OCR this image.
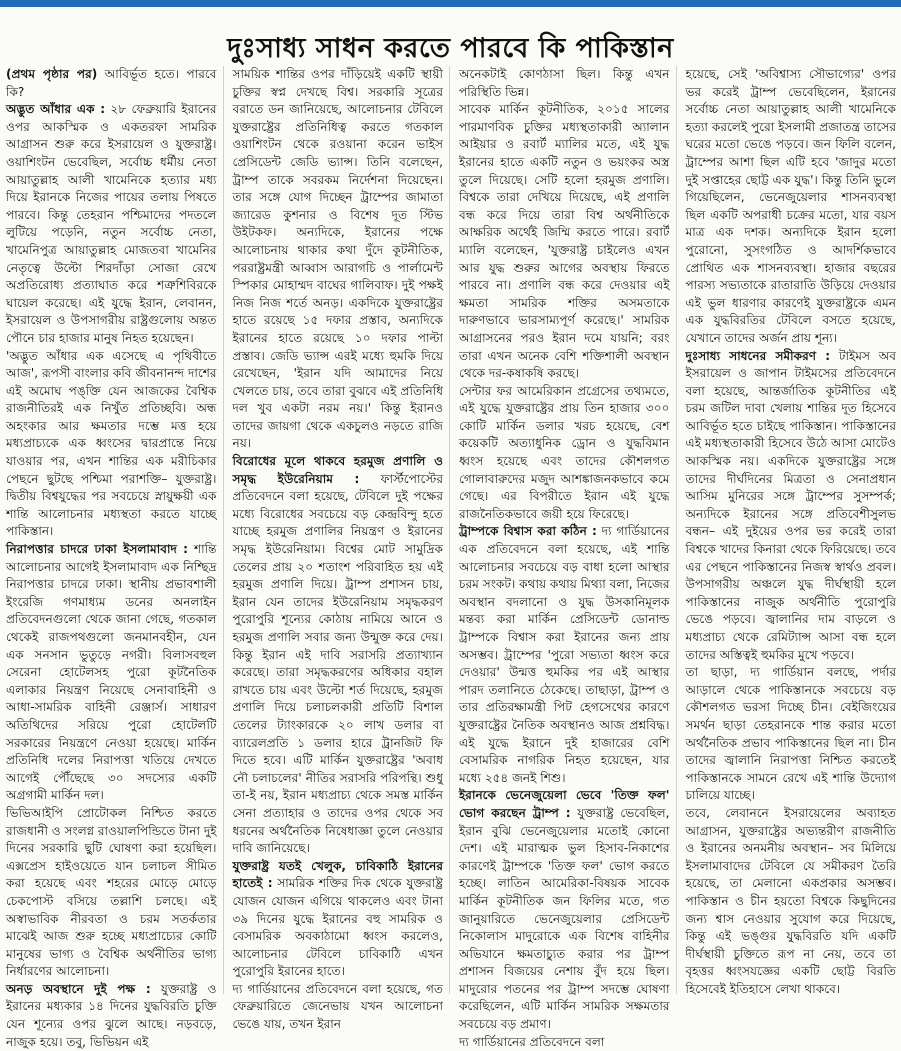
দুঃসাধ্য সাধন করতে পারবে কি পাকিস্তান

(প্রথম পৃষ্ঠার পর) আবির্ভূত হতে। পারবে কি?

অদ্ভুত আঁধার এক : ২৮ ফেব্রুয়ারি ইরানের ওপর আকস্মিক ও একতরফা সামরিক আগ্রাসন শুরু করে ইসরায়েল ও যুক্তরাষ্ট্র। ওয়াশিংটন ভেবেছিল, সর্বোচ্চ ধর্মীয় নেতা আয়াতুল্লাহ আলী খামেনিকে হত্যার মধ্য দিয়ে ইরানকে নিজের পায়ের তলায় পিষতে পারবে। কিন্তু তেহরান পশ্চিমাদের পদতলে লুটিয়ে পড়েনি, নতুন সর্বোচ্চ নেতা, খামেনিপুত্র আয়াতুল্লাহ মোজতবা খামেনির নেতৃত্বে উল্টো শিরদাঁড়া সোজা রেখে অপ্রতিরোধ্য প্রত্যাঘাত করে শত্রুশিবিরকে ঘায়েল করেছে। এই যুদ্ধে ইরান, লেবানন, ইসরায়েল ও উপসাগরীয় রাষ্ট্রগুলোয় অন্তত পৌনে চার হাজার মানুষ নিহত হয়েছেন।

'অদ্ভুত আঁধার এক এসেছে এ পৃথিবীতে আজ', রূপসী বাংলার কবি জীবনানন্দ দাশের এই অমোঘ পঙ্‌ক্তি যেন আজকের বৈশ্বিক রাজনীতিরই এক নিখুঁত প্রতিচ্ছবি। অন্ধ অহংকার আর ক্ষমতার দম্ভে মত্ত হয়ে মধ্যপ্রাচ্যকে এক ধ্বংসের দ্বারপ্রান্তে নিয়ে যাওয়ার পর, এখন শান্তির এক মরীচিকার পেছনে ছুটছে পশ্চিমা পরাশক্তি– যুক্তরাষ্ট্র। দ্বিতীয় বিশ্বযুদ্ধের পর সবচেয়ে স্নায়ুক্ষয়ী এক শান্তি আলোচনার মধ্যস্থতা করতে যাচ্ছে পাকিস্তান।

নিরাপত্তার চাদরে ঢাকা ইসলামাবাদ : শান্তি আলোচনার আগেই ইসলামাবাদ এক নিশ্ছিদ্র নিরাপত্তার চাদরে ঢাকা। স্থানীয় প্রভাবশালী ইংরেজি গণমাধ্যম ডনের অনলাইন প্রতিবেদনগুলো থেকে জানা গেছে, গতকাল থেকেই রাজপথগুলো জনমানবহীন, যেন এক সনসান ভুতুড়ে নগরী। বিলাসবহুল সেরেনা হোটেলসহ পুরো কূটনৈতিক এলাকার নিয়ন্ত্রণ নিয়েছে সেনাবাহিনী ও আধা-সামরিক বাহিনী রেঞ্জার্স। সাধারণ অতিথিদের সরিয়ে পুরো হোটেলটি সরকারের নিয়ন্ত্রণে নেওয়া হয়েছে। মার্কিন প্রতিনিধি দলের নিরাপত্তা খতিয়ে দেখতে আগেই পৌঁছেছে ৩০ সদস্যের একটি অগ্রগামী মার্কিন দল।

ভিভিআইপি প্রোটোকল নিশ্চিত করতে রাজধানী ও সংলগ্ন রাওয়ালপিন্ডিতে টানা দুই দিনের সরকারি ছুটি ঘোষণা করা হয়েছিল। এক্সপ্রেস হাইওয়েতে যান চলাচল সীমিত করা হয়েছে এবং শহরের মোড়ে মোড়ে চেকপোস্ট বসিয়ে তল্লাশি চলছে। এই অস্বাভাবিক নীরবতা ও চরম সতর্কতার মাঝেই আজ শুরু হচ্ছে মধ্যপ্রাচ্যের কোটি মানুষের ভাগ্য ও বৈশ্বিক অর্থনীতির ভাগ্য নির্ধারণের আলোচনা।

অনড় অবস্থানে দুই পক্ষ : যুক্তরাষ্ট্র ও ইরানের মধ্যকার ১৪ দিনের যুদ্ধবিরতি চুক্তি যেন শূন্যের ওপর ঝুলে আছে। নড়বড়ে, নাজুক হয়ে। তবু, ভিভিয়ন এই

সাময়িক শান্তির ওপর দাঁড়িয়েই একটি স্থায়ী চুক্তির স্বপ্ন দেখছে বিশ্ব। সরকারি সূত্রের বরাতে ডন জানিয়েছে, আলোচনার টেবিলে যুক্তরাষ্ট্রের প্রতিনিধিত্ব করতে গতকাল ওয়াশিংটন থেকে রওয়ানা করেন ভাইস প্রেসিডেন্ট জেডি ভ্যান্স। তিনি বলেছেন, ট্রাম্প তাকে সবরকম নির্দেশনা দিয়েছেন। তার সঙ্গে যোগ দিচ্ছেন ট্রাম্পের জামাতা জ্যারেড কুশনার ও বিশেষ দূত স্টিভ উইটকফ। অন্যদিকে, ইরানের পক্ষে আলোচনায় থাকার কথা দুঁদে কূটনীতিক, পররাষ্ট্রমন্ত্রী আব্বাস আরাগচি ও পার্লামেন্ট স্পিকার মোহাম্মদ বাঘের গালিবাফ। দুই পক্ষই নিজ নিজ শর্তে অনড়। একদিকে যুক্তরাষ্ট্রের হাতে রয়েছে ১৫ দফার প্রস্তাব, অন্যদিকে ইরানের হাতে রয়েছে ১০ দফার পাল্টা প্রস্তাব। জেডি ভ্যান্স এরই মধ্যে হুমকি দিয়ে রেখেছেন, 'ইরান যদি আমাদের নিয়ে খেলতে চায়, তবে তারা বুঝবে এই প্রতিনিধি দল খুব একটা নরম নয়।' কিন্তু ইরানও তাদের জায়গা থেকে একচুলও নড়তে রাজি নয়।

বিরোধের মূলে থাকবে হরমুজ প্রণালি ও সমৃদ্ধ ইউরেনিয়াম : ফার্স্টপোস্টের প্রতিবেদনে বলা হয়েছে, টেবিলে দুই পক্ষের মধ্যে বিরোধের সবচেয়ে বড় কেন্দ্রবিন্দু হতে যাচ্ছে হরমুজ প্রণালির নিয়ন্ত্রণ ও ইরানের সমৃদ্ধ ইউরেনিয়াম। বিশ্বের মোট সামুদ্রিক তেলের প্রায় ২০ শতাংশ পরিবাহিত হয় এই হরমুজ প্রণালি দিয়ে। ট্রাম্প প্রশাসন চায়, ইরান যেন তাদের ইউরেনিয়াম সমৃদ্ধকরণ পুরোপুরি শূন্যের কোঠায় নামিয়ে আনে ও হরমুজ প্রণালি সবার জন্য উন্মুক্ত করে দেয়। কিন্তু ইরান এই দাবি সরাসরি প্রত্যাখ্যান করেছে। তারা সমৃদ্ধকরণের অধিকার বহাল রাখতে চায় এবং উল্টো শর্ত দিয়েছে, হরমুজ প্রণালি দিয়ে চলাচলকারী প্রতিটি বিশাল তেলের ট্যাংকারকে ২০ লাখ ডলার বা ব্যারেলপ্রতি ১ ডলার হারে ট্রানজিট ফি দিতে হবে। এটি মার্কিন যুক্তরাষ্ট্রের 'অবাধ নৌ চলাচলের' নীতির সরাসরি পরিপন্থি। শুধু তা-ই নয়, ইরান মধ্যপ্রাচ্য থেকে সমস্ত মার্কিন সেনা প্রত্যাহার ও তাদের ওপর থেকে সব ধরনের অর্থনৈতিক নিষেধাজ্ঞা তুলে নেওয়ার দাবি জানিয়েছে।

যুক্তরাষ্ট্র যতই খেলুক, চাবিকাঠি ইরানের হাতেই : সামরিক শক্তির দিক থেকে যুক্তরাষ্ট্র যোজন যোজন এগিয়ে থাকলেও এবং টানা ৩৯ দিনের যুদ্ধে ইরানের বহু সামরিক ও বেসামরিক অবকাঠামো ধ্বংস করলেও, আলোচনার টেবিলে চাবিকাঠি এখন পুরোপুরি ইরানের হাতে।

দ্য গার্ডিয়ানের প্রতিবেদনে বলা হয়েছে, গত ফেব্রুয়ারিতে জেনেভায় যখন আলোচনা ভেঙে যায়, তখন ইরান

অনেকটাই কোণঠাসা ছিল। কিন্তু এখন পরিস্থিতি ভিন্ন।

সাবেক মার্কিন কূটনীতিক, ২০১৫ সালের পারমাণবিক চুক্তির মধ্যস্থতাকারী অ্যালান আইয়ার ও রবার্ট ম্যালির মতে, এই যুদ্ধ ইরানের হাতে একটি নতুন ও ভয়ংকর অস্ত্র তুলে দিয়েছে। সেটি হলো হরমুজ প্রণালি। বিশ্বকে তারা দেখিয়ে দিয়েছে, এই প্রণালি বন্ধ করে দিয়ে তারা বিশ্ব অর্থনীতিকে আক্ষরিক অর্থেই জিম্মি করতে পারে। রবার্ট ম্যালি বলেছেন, 'যুক্তরাষ্ট্র চাইলেও এখন আর যুদ্ধ শুরুর আগের অবস্থায় ফিরতে পারবে না। প্রণালি বন্ধ করে দেওয়ার এই ক্ষমতা সামরিক শক্তির অসমতাকে দারুণভাবে ভারসাম্যপূর্ণ করেছে।' সামরিক আগ্রাসনের পরও ইরান দমে যায়নি; বরং তারা এখন অনেক বেশি শক্তিশালী অবস্থান থেকে দর-কষাকষি করছে।

সেন্টার ফর আমেরিকান প্রগ্রেসের তথ্যমতে, এই যুদ্ধে যুক্তরাষ্ট্রের প্রায় তিন হাজার ৩০০ কোটি মার্কিন ডলার খরচ হয়েছে, বেশ কয়েকটি অত্যাধুনিক ড্রোন ও যুদ্ধবিমান ধ্বংস হয়েছে এবং তাদের কৌশলগত গোলাবারুদের মজুদ আশঙ্কাজনকভাবে কমে গেছে। এর বিপরীতে ইরান এই যুদ্ধে রাজনৈতিকভাবে জয়ী হয়ে ফিরেছে।

ট্রাম্পকে বিশ্বাস করা কঠিন : দ্য গার্ডিয়ানের এক প্রতিবেদনে বলা হয়েছে, এই শান্তি আলোচনার সবচেয়ে বড় বাধা হলো আস্থার চরম সংকট। কথায় কথায় মিথ্যা বলা, নিজের অবস্থান বদলানো ও যুদ্ধ উসকানিমূলক মন্তব্য করা মার্কিন প্রেসিডেন্ট ডোনাল্ড ট্রাম্পকে বিশ্বাস করা ইরানের জন্য প্রায় অসম্ভব। ট্রাম্পের 'পুরো সভ্যতা ধ্বংস করে দেওয়ার' উন্মত্ত হুমকির পর এই আস্থার পারদ তলানিতে ঠেকেছে। তাছাড়া, ট্রাম্প ও তার প্রতিরক্ষামন্ত্রী পিট হেগসেথের কারণে যুক্তরাষ্ট্রের নৈতিক অবস্থানও আজ প্রশ্নবিদ্ধ। এই যুদ্ধে ইরানে দুই হাজারের বেশি বেসামরিক নাগরিক নিহত হয়েছেন, যার মধ্যে ২৫৪ জনই শিশু।

ইরানকে ভেনেজুয়েলা ভেবে 'তিক্ত ফল' ভোগ করছেন ট্রাম্প : যুক্তরাষ্ট্র ভেবেছিল, ইরান বুঝি ভেনেজুয়েলার মতোই কোনো দেশ। এই মারাত্মক ভুল হিসাব-নিকাশের কারণেই ট্রাম্পকে 'তিক্ত ফল' ভোগ করতে হচ্ছে। লাতিন আমেরিকা-বিষয়ক সাবেক মার্কিন কূটনীতিক জন ফিলির মতে, গত জানুয়ারিতে ভেনেজুয়েলার প্রেসিডেন্ট নিকোলাস মাদুরোকে এক বিশেষ বাহিনীর অভিযানে ক্ষমতাচ্যুত করার পর ট্রাম্প প্রশাসন বিজয়ের নেশায় বুঁদ হয়ে ছিল। মাদুরোর পতনের পর ট্রাম্প সদম্ভে ঘোষণা করেছিলেন, এটি মার্কিন সামরিক সক্ষমতার সবচেয়ে বড় প্রমাণ।

দ্য গার্ডিয়ানের প্রতিবেদনে বলা

হয়েছে, সেই 'অবিশ্বাস্য সৌভাগ্যের' ওপর ভর করেই ট্রাম্প ভেবেছিলেন, ইরানের সর্বোচ্চ নেতা আয়াতুল্লাহ আলী খামেনিকে হত্যা করলেই পুরো ইসলামী প্রজাতন্ত্র তাসের ঘরের মতো ভেঙে পড়বে। জন ফিলি বলেন, ট্রাম্পের আশা ছিল এটি হবে 'জাদুর মতো দুই সপ্তাহের ছোট্ট এক যুদ্ধ'। কিন্তু তিনি ভুলে গিয়েছিলেন, ভেনেজুয়েলার শাসনব্যবস্থা ছিল একটি অপরাধী চক্রের মতো, যার বয়স মাত্র এক দশক। অন্যদিকে ইরান হলো পুরোনো, সুসংগঠিত ও আদর্শিকভাবে প্রোথিত এক শাসনব্যবস্থা। হাজার বছরের পারস্য সভ্যতাকে রাতারাতি উড়িয়ে দেওয়ার এই ভুল ধারণার কারণেই যুক্তরাষ্ট্রকে এমন এক যুদ্ধবিরতির টেবিলে বসতে হয়েছে, যেখানে তাদের অর্জন প্রায় শূন্য।

দুঃসাধ্য সাধনের সমীকরণ : টাইমস অব ইসরায়েল ও জাপান টাইমসের প্রতিবেদনে বলা হয়েছে, আন্তর্জাতিক কূটনীতির এই চরম জটিল দাবা খেলায় শান্তির দূত হিসেবে আবির্ভূত হতে চাইছে পাকিস্তান। পাকিস্তানের এই মধ্যস্থতাকারী হিসেবে উঠে আসা মোটেও আকস্মিক নয়। একদিকে যুক্তরাষ্ট্রের সঙ্গে তাদের দীর্ঘদিনের মিত্রতা ও সেনাপ্রধান আসিম মুনিরের সঙ্গে ট্রাম্পের সুসম্পর্ক; অন্যদিকে ইরানের সঙ্গে প্রতিবেশীসুলভ বন্ধন– এই দুইয়ের ওপর ভর করেই তারা বিশ্বকে খাদের কিনারা থেকে ফিরিয়েছে। তবে এর পেছনে পাকিস্তানের নিজস্ব স্বার্থও প্রবল। উপসাগরীয় অঞ্চলে যুদ্ধ দীর্ঘস্থায়ী হলে পাকিস্তানের নাজুক অর্থনীতি পুরোপুরি ভেঙে পড়বে। জ্বালানির দাম বাড়লে ও মধ্যপ্রাচ্য থেকে রেমিট্যান্স আসা বন্ধ হলে তাদের অস্তিত্বই হুমকির মুখে পড়বে।

তা ছাড়া, দ্য গার্ডিয়ান বলছে, পর্দার আড়ালে থেকে পাকিস্তানকে সবচেয়ে বড় কৌশলগত ভরসা দিচ্ছে চীন। বেইজিংয়ের সমর্থন ছাড়া তেহরানকে শান্ত করার মতো অর্থনৈতিক প্রভাব পাকিস্তানের ছিল না। চীন তাদের জ্বালানি নিরাপত্তা নিশ্চিত করতেই পাকিস্তানকে সামনে রেখে এই শান্তি উদ্যোগ চালিয়ে যাচ্ছে।

তবে, লেবাননে ইসরায়েলের অব্যাহত আগ্রাসন, যুক্তরাষ্ট্রের অভ্যন্তরীণ রাজনীতি ও ইরানের অনমনীয় অবস্থান– সব মিলিয়ে ইসলামাবাদের টেবিলে যে সমীকরণ তৈরি হয়েছে, তা মেলানো একপ্রকার অসম্ভব। পাকিস্তান ও চীন হয়তো বিশ্বকে কিছুদিনের জন্য শ্বাস নেওয়ার সুযোগ করে দিয়েছে, কিন্তু এই ভঙ্গুর যুদ্ধবিরতি যদি একটি দীর্ঘস্থায়ী চুক্তিতে রূপ না নেয়, তবে তা বৃহত্তর ধ্বংসযজ্ঞের একটি ছোট্ট বিরতি হিসেবেই ইতিহাসে লেখা থাকবে।
